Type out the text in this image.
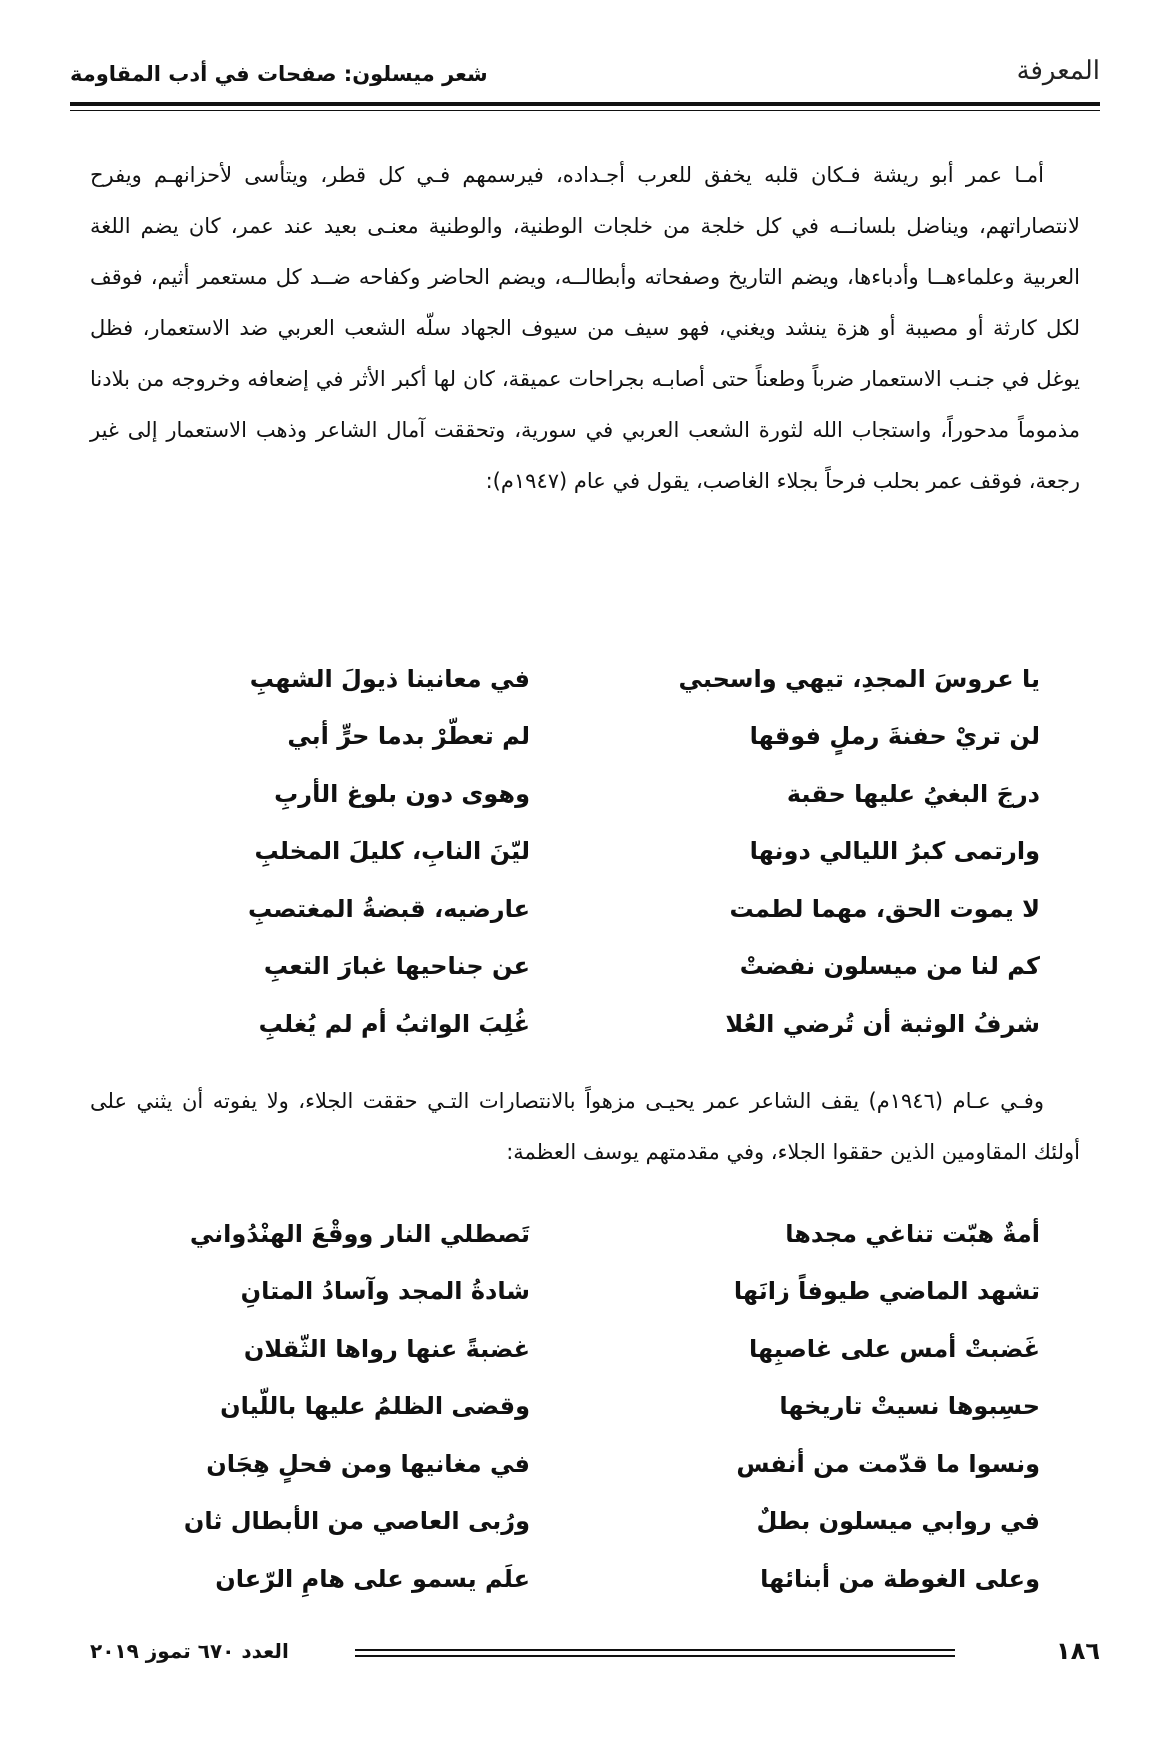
المعرفة
شعر ميسلون: صفحات في أدب المقاومة

أمـا عمر أبو ريشة فـكان قلبه يخفق للعرب أجـداده، فيرسمهم فـي كل قطر، ويتأسى لأحزانهـم ويفرح لانتصاراتهم، ويناضل بلسانــه في كل خلجة من خلجات الوطنية، والوطنية معنـى بعيد عند عمر، كان يضم اللغة العربية وعلماءهــا وأدباءها، ويضم التاريخ وصفحاته وأبطالــه، ويضم الحاضر وكفاحه ضــد كل مستعمر أثيم، فوقف لكل كارثة أو مصيبة أو هزة ينشد ويغني، فهو سيف من سيوف الجهاد سلّه الشعب العربي ضد الاستعمار، فظل يوغل في جنـب الاستعمار ضرباً وطعناً حتى أصابـه بجراحات عميقة، كان لها أكبر الأثر في إضعافه وخروجه من بلادنا مذموماً مدحوراً، واستجاب الله لثورة الشعب العربي في سورية، وتحققت آمال الشاعر وذهب الاستعمار إلى غير رجعة، فوقف عمر بحلب فرحاً بجلاء الغاصب، يقول في عام (١٩٤٧م):

يا عروسَ المجدِ، تيهي واسحبي
في معانينا ذيولَ الشهبِ
لن تريْ حفنةَ رملٍ فوقها
لم تعطّرْ بدما حرٍّ أبي
درجَ البغيُ عليها حقبة
وهوى دون بلوغ الأربِ
وارتمى كبرُ الليالي دونها
ليّنَ النابِ، كليلَ المخلبِ
لا يموت الحق، مهما لطمت
عارضيه، قبضةُ المغتصبِ
كم لنا من ميسلون نفضتْ
عن جناحيها غبارَ التعبِ
شرفُ الوثبة أن تُرضي العُلا
غُلِبَ الواثبُ أم لم يُغلبِ

وفـي عـام (١٩٤٦م) يقف الشاعر عمر يحيـى مزهواً بالانتصارات التـي حققت الجلاء، ولا يفوته أن يثني على أولئك المقاومين الذين حققوا الجلاء، وفي مقدمتهم يوسف العظمة:

أمةٌ هبّت تناغي مجدها
تَصطلي النار ووقْعَ الهنْدُواني
تشهد الماضي طيوفاً زانَها
شادةُ المجد وآسادُ المتانِ
غَضبتْ أمس على غاصبِها
غضبةً عنها رواها الثّقلان
حسِبوها نسيتْ تاريخها
وقضى الظلمُ عليها باللّيان
ونسوا ما قدّمت من أنفس
في مغانيها ومن فحلٍ هِجَان
في روابي ميسلون بطلٌ
ورُبى العاصي من الأبطال ثان
وعلى الغوطة من أبنائها
علَم يسمو على هامِ الرّعان
١٨٦
العدد ٦٧٠ تموز ٢٠١٩
